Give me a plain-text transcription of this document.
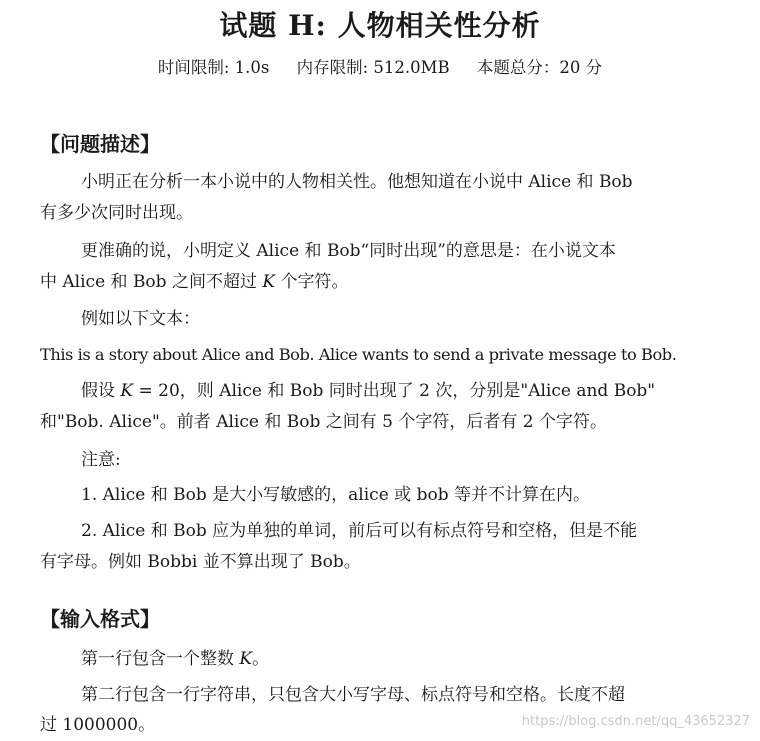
试题 H: 人物相关性分析
时间限制: 1.0s 内存限制: 512.0MB 本题总分：20 分
【问题描述】
小明正在分析一本小说中的人物相关性。他想知道在小说中 Alice 和 Bob
有多少次同时出现。
更准确的说，小明定义 Alice 和 Bob“同时出现”的意思是：在小说文本
中 Alice 和 Bob 之间不超过 K 个字符。
例如以下文本：
This is a story about Alice and Bob. Alice wants to send a private message to Bob.
假设 K = 20，则 Alice 和 Bob 同时出现了 2 次，分别是"Alice and Bob"
和"Bob. Alice"。前者 Alice 和 Bob 之间有 5 个字符，后者有 2 个字符。
注意:
1. Alice 和 Bob 是大小写敏感的，alice 或 bob 等并不计算在内。
2. Alice 和 Bob 应为单独的单词，前后可以有标点符号和空格，但是不能
有字母。例如 Bobbi 並不算出现了 Bob。
【输入格式】
第一行包含一个整数 K。
第二行包含一行字符串，只包含大小写字母、标点符号和空格。长度不超
过 1000000。	https://blog.csdn.net/qq_43652327
